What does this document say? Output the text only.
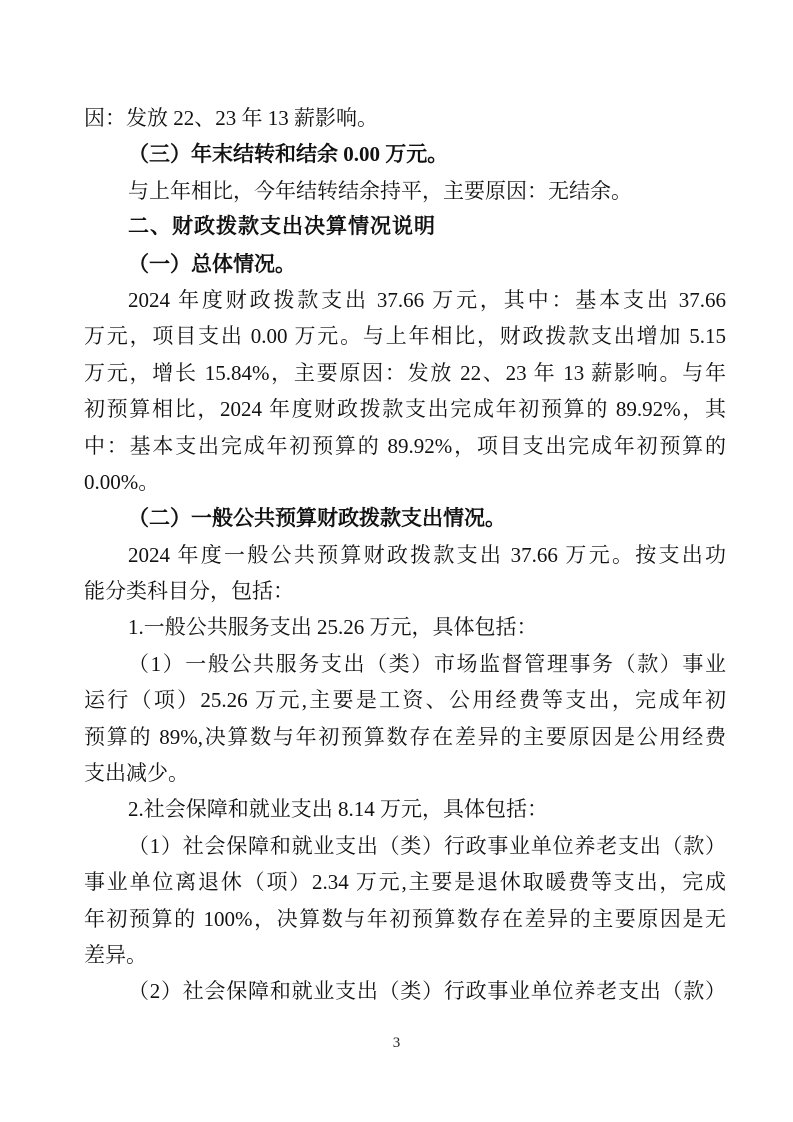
因：发放 22、23 年 13 薪影响。
（三）年末结转和结余 0.00 万元。
与上年相比，今年结转结余持平，主要原因：无结余。
二、财政拨款支出决算情况说明
（一）总体情况。
2024 年度财政拨款支出 37.66 万元，其中：基本支出 37.66
万元，项目支出 0.00 万元。与上年相比，财政拨款支出增加 5.15
万元，增长 15.84%，主要原因：发放 22、23 年 13 薪影响。与年
初预算相比，2024 年度财政拨款支出完成年初预算的 89.92%，其
中：基本支出完成年初预算的 89.92%，项目支出完成年初预算的
0.00%。
（二）一般公共预算财政拨款支出情况。
2024 年度一般公共预算财政拨款支出 37.66 万元。按支出功
能分类科目分，包括：
1.一般公共服务支出 25.26 万元，具体包括：
（1）一般公共服务支出（类）市场监督管理事务（款）事业
运行（项）25.26 万元,主要是工资、公用经费等支出，完成年初
预算的 89%,决算数与年初预算数存在差异的主要原因是公用经费
支出减少。
2.社会保障和就业支出 8.14 万元，具体包括：
（1）社会保障和就业支出（类）行政事业单位养老支出（款）
事业单位离退休（项）2.34 万元,主要是退休取暖费等支出，完成
年初预算的 100%，决算数与年初预算数存在差异的主要原因是无
差异。
（2）社会保障和就业支出（类）行政事业单位养老支出（款）
3
